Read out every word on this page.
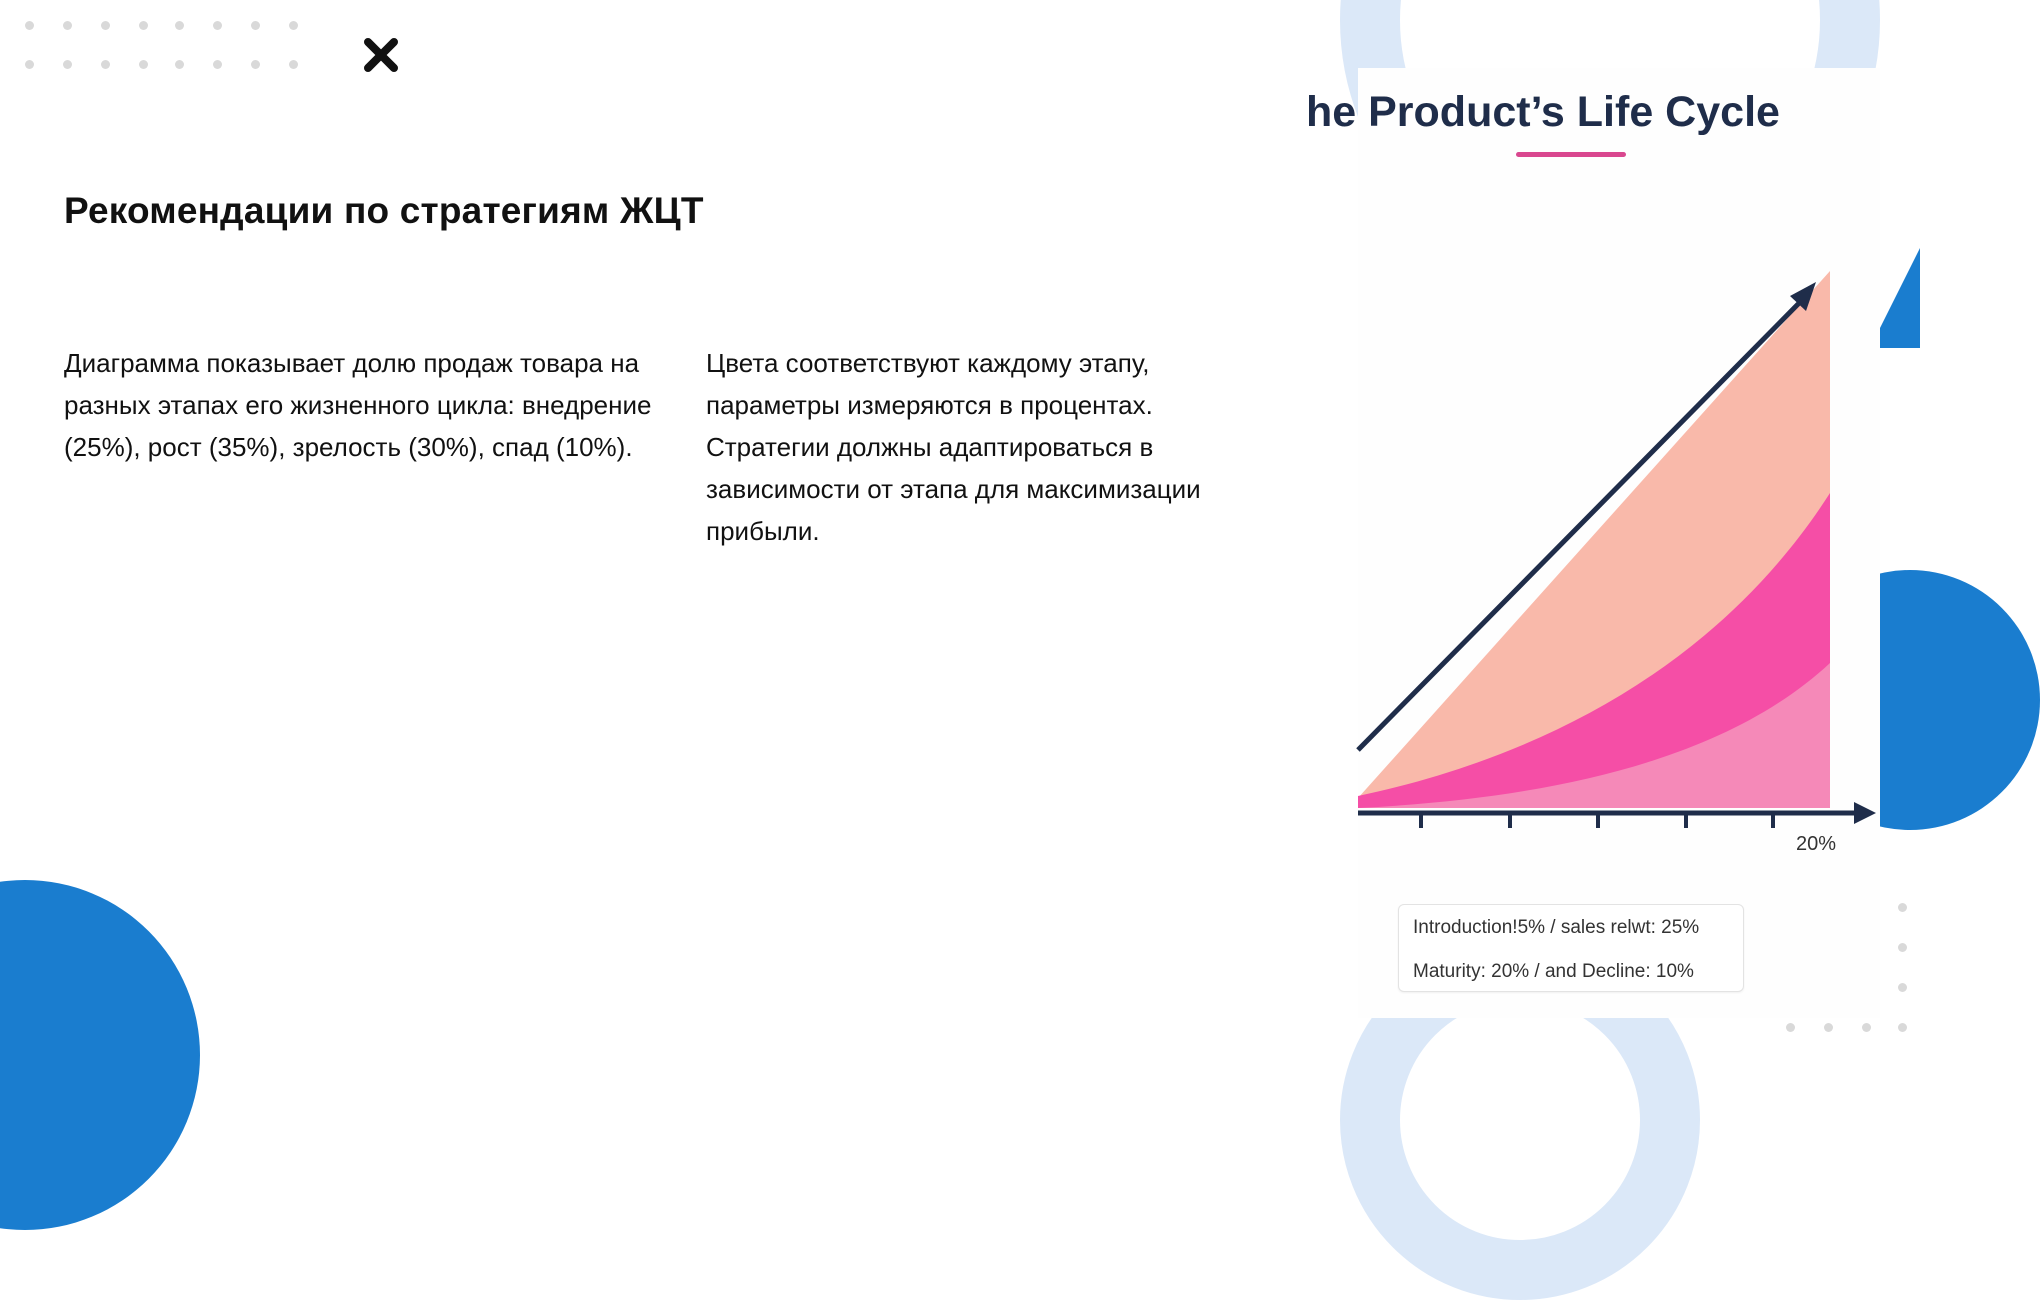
Рекомендации по стратегиям ЖЦТ

Диаграмма показывает долю продаж товара на разных этапах его жизненного цикла: внедрение (25%), рост (35%), зрелость (30%), спад (10%).

Цвета соответствуют каждому этапу, параметры измеряются в процентах. Стратегии должны адаптироваться в зависимости от этапа для максимизации прибыли.

he Product’s Life Cycle
20%
Introduction!5% / sales relwt: 25%
Maturity: 20% / and Decline: 10%
